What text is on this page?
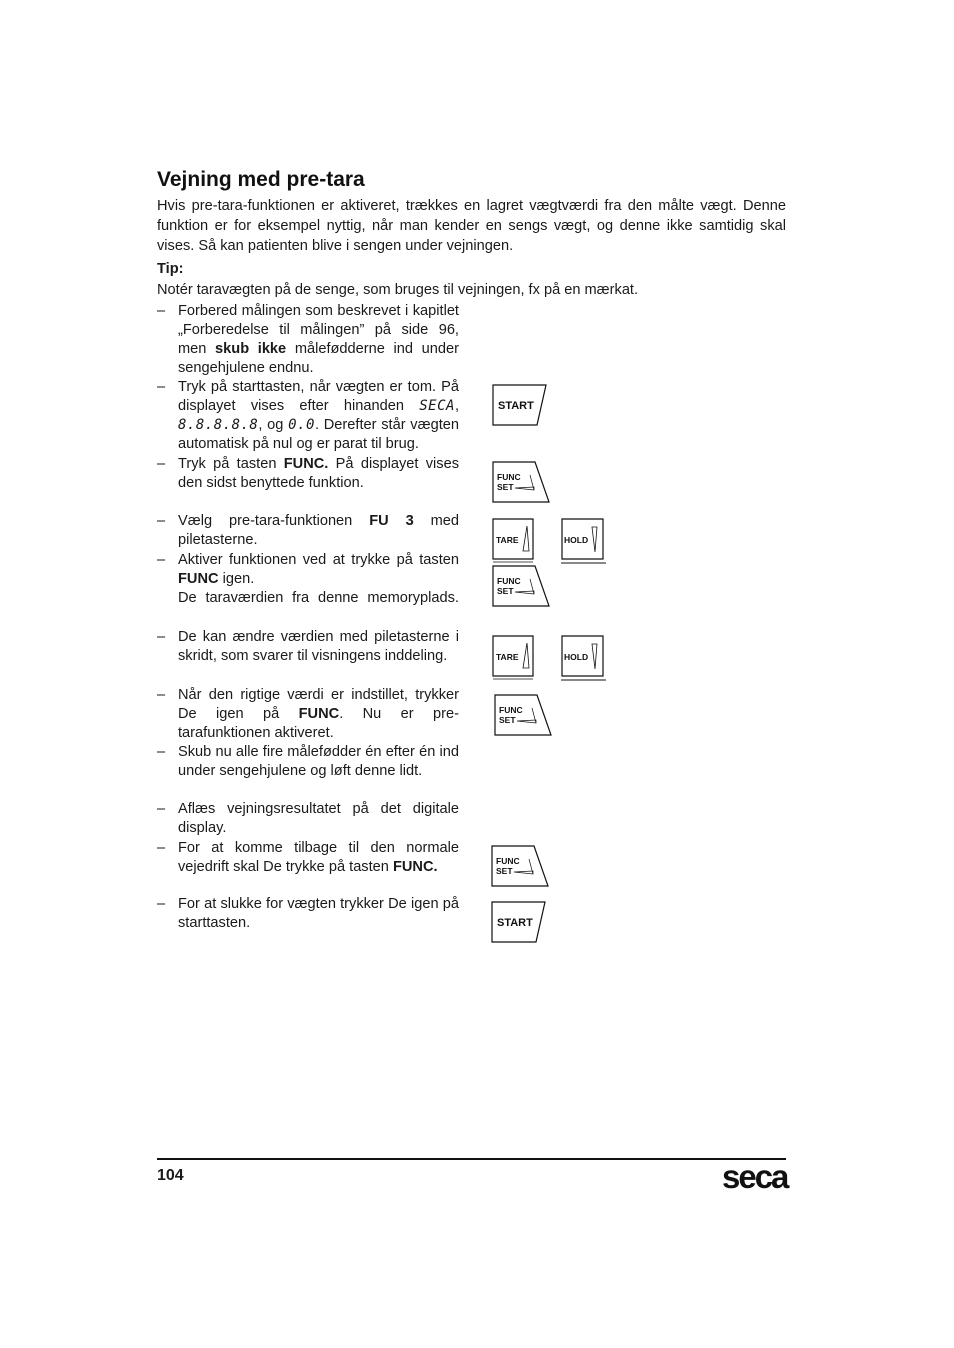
Vejning med pre-tara
Hvis pre-tara-funktionen er aktiveret, trækkes en lagret vægtværdi fra den målte vægt. Denne funktion er for eksempel nyttig, når man kender en sengs vægt, og denne ikke samtidig skal vises. Så kan patienten blive i sengen under vejningen.
Tip:
Notér taravægten på de senge, som bruges til vejningen, fx på en mærkat.
– Forbered målingen som beskrevet i kapitlet „Forberedelse til målingen” på side 96, men skub ikke målefødderne ind under sengehjulene endnu.
– Tryk på starttasten, når vægten er tom. På displayet vises efter hinanden SECA, 8.8.8.8.8, og 0.0. Derefter står vægten automatisk på nul og er parat til brug.
– Tryk på tasten FUNC. På displayet vises den sidst benyttede funktion.
– Vælg pre-tara-funktionen FU 3 med piletasterne.
– Aktiver funktionen ved at trykke på tasten FUNC igen.
De taraværdien fra denne memoryplads.
– De kan ændre værdien med piletasterne i skridt, som svarer til visningens inddeling.
– Når den rigtige værdi er indstillet, trykker De igen på FUNC. Nu er pre-tarafunktionen aktiveret.
– Skub nu alle fire målefødder én efter én ind under sengehjulene og løft denne lidt.
– Aflæs vejningsresultatet på det digitale display.
– For at komme tilbage til den normale vejedrift skal De trykke på tasten FUNC.
– For at slukke for vægten trykker De igen på starttasten.
START
FUNC
SET
TARE	HOLD
FUNC
SET
TARE	HOLD
FUNC
SET
FUNC
SET
START
104	seca
